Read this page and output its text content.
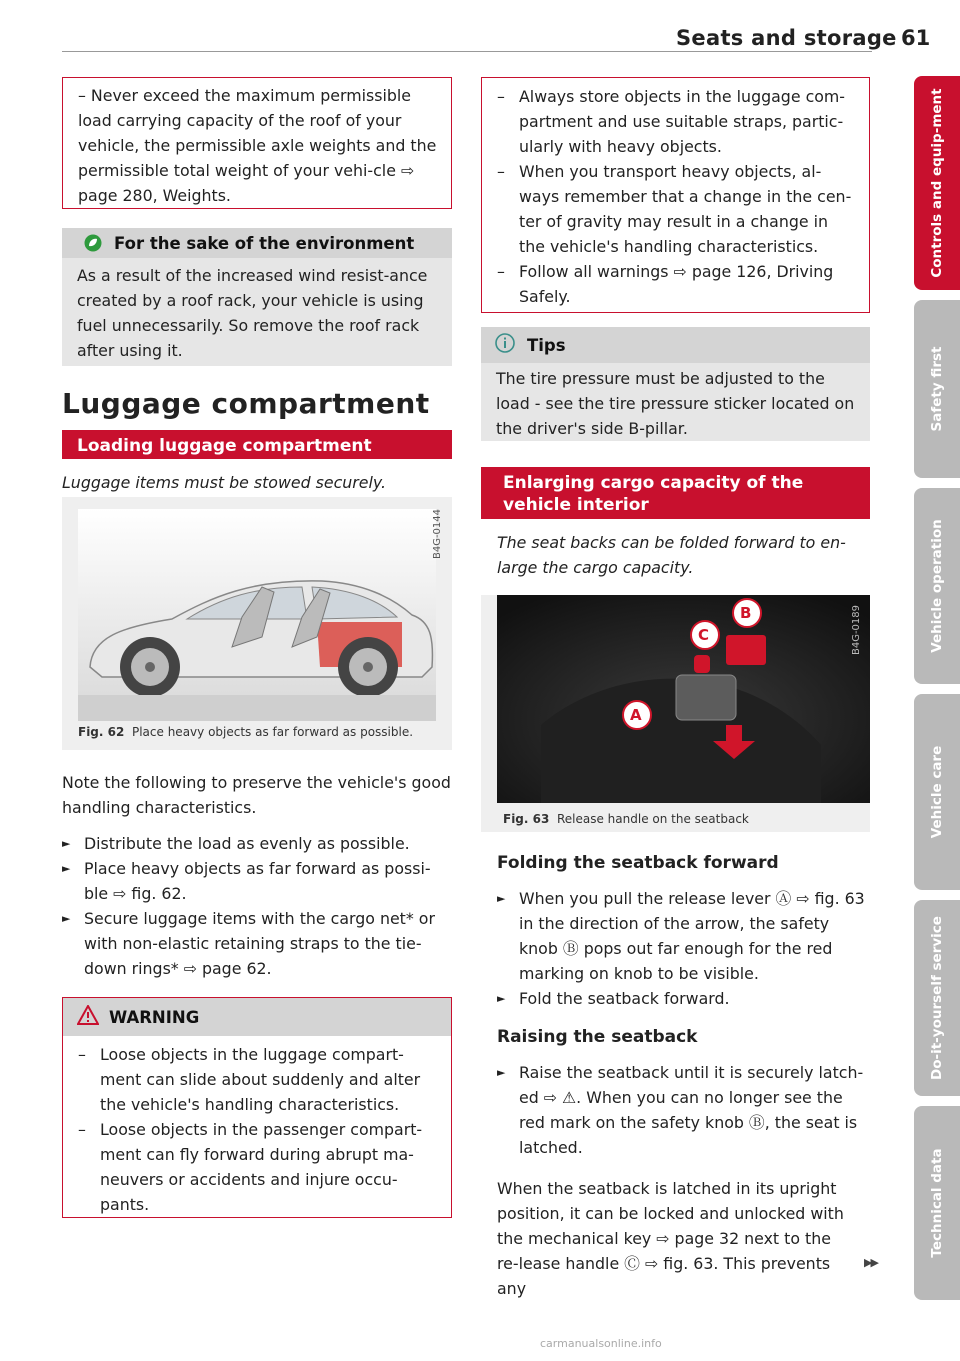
Seats and storage 61
– Never exceed the maximum permissible load carrying capacity of the roof of your vehicle, the permissible axle weights and the permissible total weight of your vehi-cle ⇨ page 280, Weights.
For the sake of the environment
As a result of the increased wind resist-ance created by a roof rack, your vehicle is using fuel unnecessarily. So remove the roof rack after using it.
Luggage compartment
Loading luggage compartment
Luggage items must be stowed securely.
B4G-0144
Fig. 62 Place heavy objects as far forward as possible.
Note the following to preserve the vehicle's good handling characteristics.
► Distribute the load as evenly as possible.
► Place heavy objects as far forward as possi-ble ⇨ fig. 62.
► Secure luggage items with the cargo net* or with non-elastic retaining straps to the tie-down rings* ⇨ page 62.
WARNING
– Loose objects in the luggage compart-ment can slide about suddenly and alter the vehicle's handling characteristics.
– Loose objects in the passenger compart-ment can fly forward during abrupt ma-neuvers or accidents and injure occu-pants.
– Always store objects in the luggage com-partment and use suitable straps, partic-ularly with heavy objects.
– When you transport heavy objects, al-ways remember that a change in the cen-ter of gravity may result in a change in the vehicle's handling characteristics.
– Follow all warnings ⇨ page 126, Driving Safely.
Tips
The tire pressure must be adjusted to the load - see the tire pressure sticker located on the driver's side B-pillar.
Enlarging cargo capacity of the vehicle interior
The seat backs can be folded forward to en-large the cargo capacity.
A
B
C	B4G-0189
Fig. 63 Release handle on the seatback
Folding the seatback forward
► When you pull the release lever Ⓐ ⇨ fig. 63 in the direction of the arrow, the safety knob Ⓑ pops out far enough for the red marking on knob to be visible.
► Fold the seatback forward.
Raising the seatback
► Raise the seatback until it is securely latch-ed ⇨ ⚠. When you can no longer see the red mark on the safety knob Ⓑ, the seat is latched.
When the seatback is latched in its upright position, it can be locked and unlocked with the mechanical key ⇨ page 32 next to the re-lease handle Ⓒ ⇨ fig. 63. This prevents any
▶▶
Controls and equip-ment
Safety first
Vehicle operation
Vehicle care
Do-it-yourself service
Technical data
carmanualsonline.info
